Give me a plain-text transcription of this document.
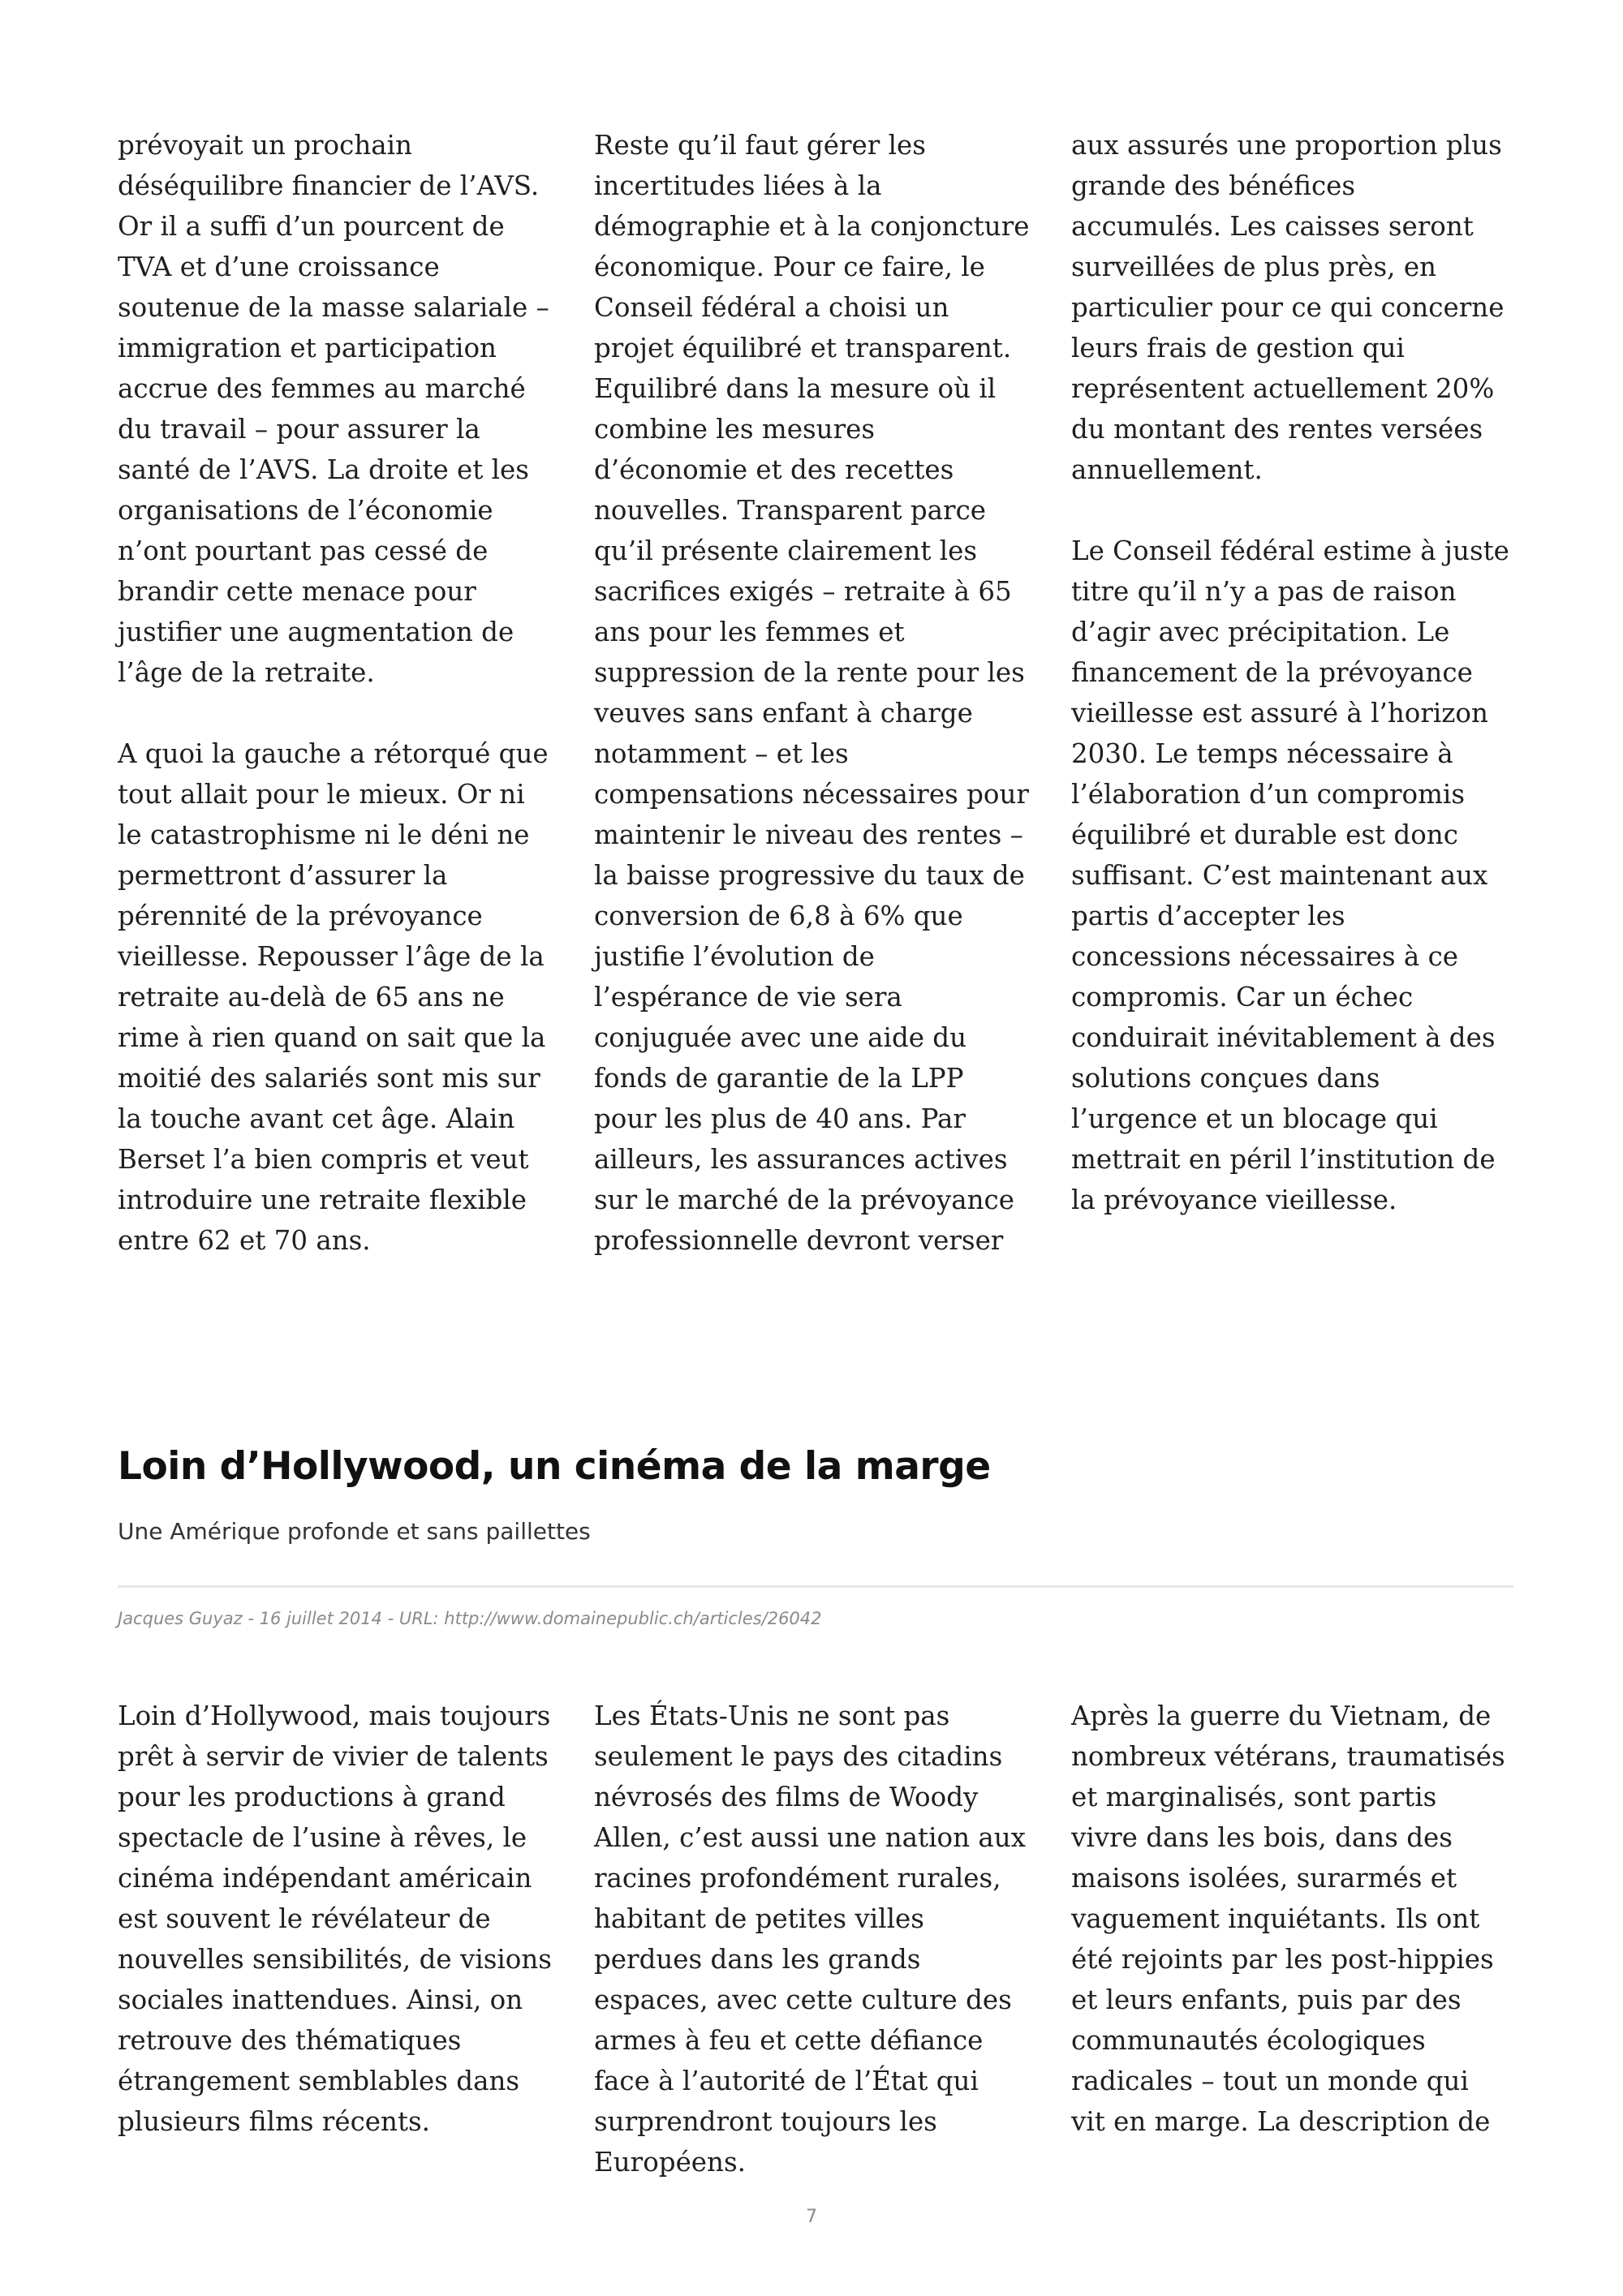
prévoyait un prochain déséquilibre financier de l’AVS. Or il a suffi d’un pourcent de TVA et d’une croissance soutenue de la masse salariale – immigration et participation accrue des femmes au marché du travail – pour assurer la santé de l’AVS. La droite et les organisations de l’économie n’ont pourtant pas cessé de brandir cette menace pour justifier une augmentation de l’âge de la retraite.

A quoi la gauche a rétorqué que tout allait pour le mieux. Or ni le catastrophisme ni le déni ne permettront d’assurer la pérennité de la prévoyance vieillesse. Repousser l’âge de la retraite au-delà de 65 ans ne rime à rien quand on sait que la moitié des salariés sont mis sur la touche avant cet âge. Alain Berset l’a bien compris et veut introduire une retraite flexible entre 62 et 70 ans.

Reste qu’il faut gérer les incertitudes liées à la démographie et à la conjoncture économique. Pour ce faire, le Conseil fédéral a choisi un projet équilibré et transparent. Equilibré dans la mesure où il combine les mesures d’économie et des recettes nouvelles. Transparent parce qu’il présente clairement les sacrifices exigés – retraite à 65 ans pour les femmes et suppression de la rente pour les veuves sans enfant à charge notamment – et les compensations nécessaires pour maintenir le niveau des rentes – la baisse progressive du taux de conversion de 6,8 à 6% que justifie l’évolution de l’espérance de vie sera conjuguée avec une aide du fonds de garantie de la LPP pour les plus de 40 ans. Par ailleurs, les assurances actives sur le marché de la prévoyance professionnelle devront verser

aux assurés une proportion plus grande des bénéfices accumulés. Les caisses seront surveillées de plus près, en particulier pour ce qui concerne leurs frais de gestion qui représentent actuellement 20% du montant des rentes versées annuellement.

Le Conseil fédéral estime à juste titre qu’il n’y a pas de raison d’agir avec précipitation. Le financement de la prévoyance vieillesse est assuré à l’horizon 2030. Le temps nécessaire à l’élaboration d’un compromis équilibré et durable est donc suffisant. C’est maintenant aux partis d’accepter les concessions nécessaires à ce compromis. Car un échec conduirait inévitablement à des solutions conçues dans l’urgence et un blocage qui mettrait en péril l’institution de la prévoyance vieillesse.

Loin d’Hollywood, un cinéma de la marge
Une Amérique profonde et sans paillettes
Jacques Guyaz - 16 juillet 2014 - URL: http://www.domainepublic.ch/articles/26042

Loin d’Hollywood, mais toujours prêt à servir de vivier de talents pour les productions à grand spectacle de l’usine à rêves, le cinéma indépendant américain est souvent le révélateur de nouvelles sensibilités, de visions sociales inattendues. Ainsi, on retrouve des thématiques étrangement semblables dans plusieurs films récents.

Les États-Unis ne sont pas seulement le pays des citadins névrosés des films de Woody Allen, c’est aussi une nation aux racines profondément rurales, habitant de petites villes perdues dans les grands espaces, avec cette culture des armes à feu et cette défiance face à l’autorité de l’État qui surprendront toujours les Européens.

Après la guerre du Vietnam, de nombreux vétérans, traumatisés et marginalisés, sont partis vivre dans les bois, dans des maisons isolées, surarmés et vaguement inquiétants. Ils ont été rejoints par les post-hippies et leurs enfants, puis par des communautés écologiques radicales – tout un monde qui vit en marge. La description de

7
